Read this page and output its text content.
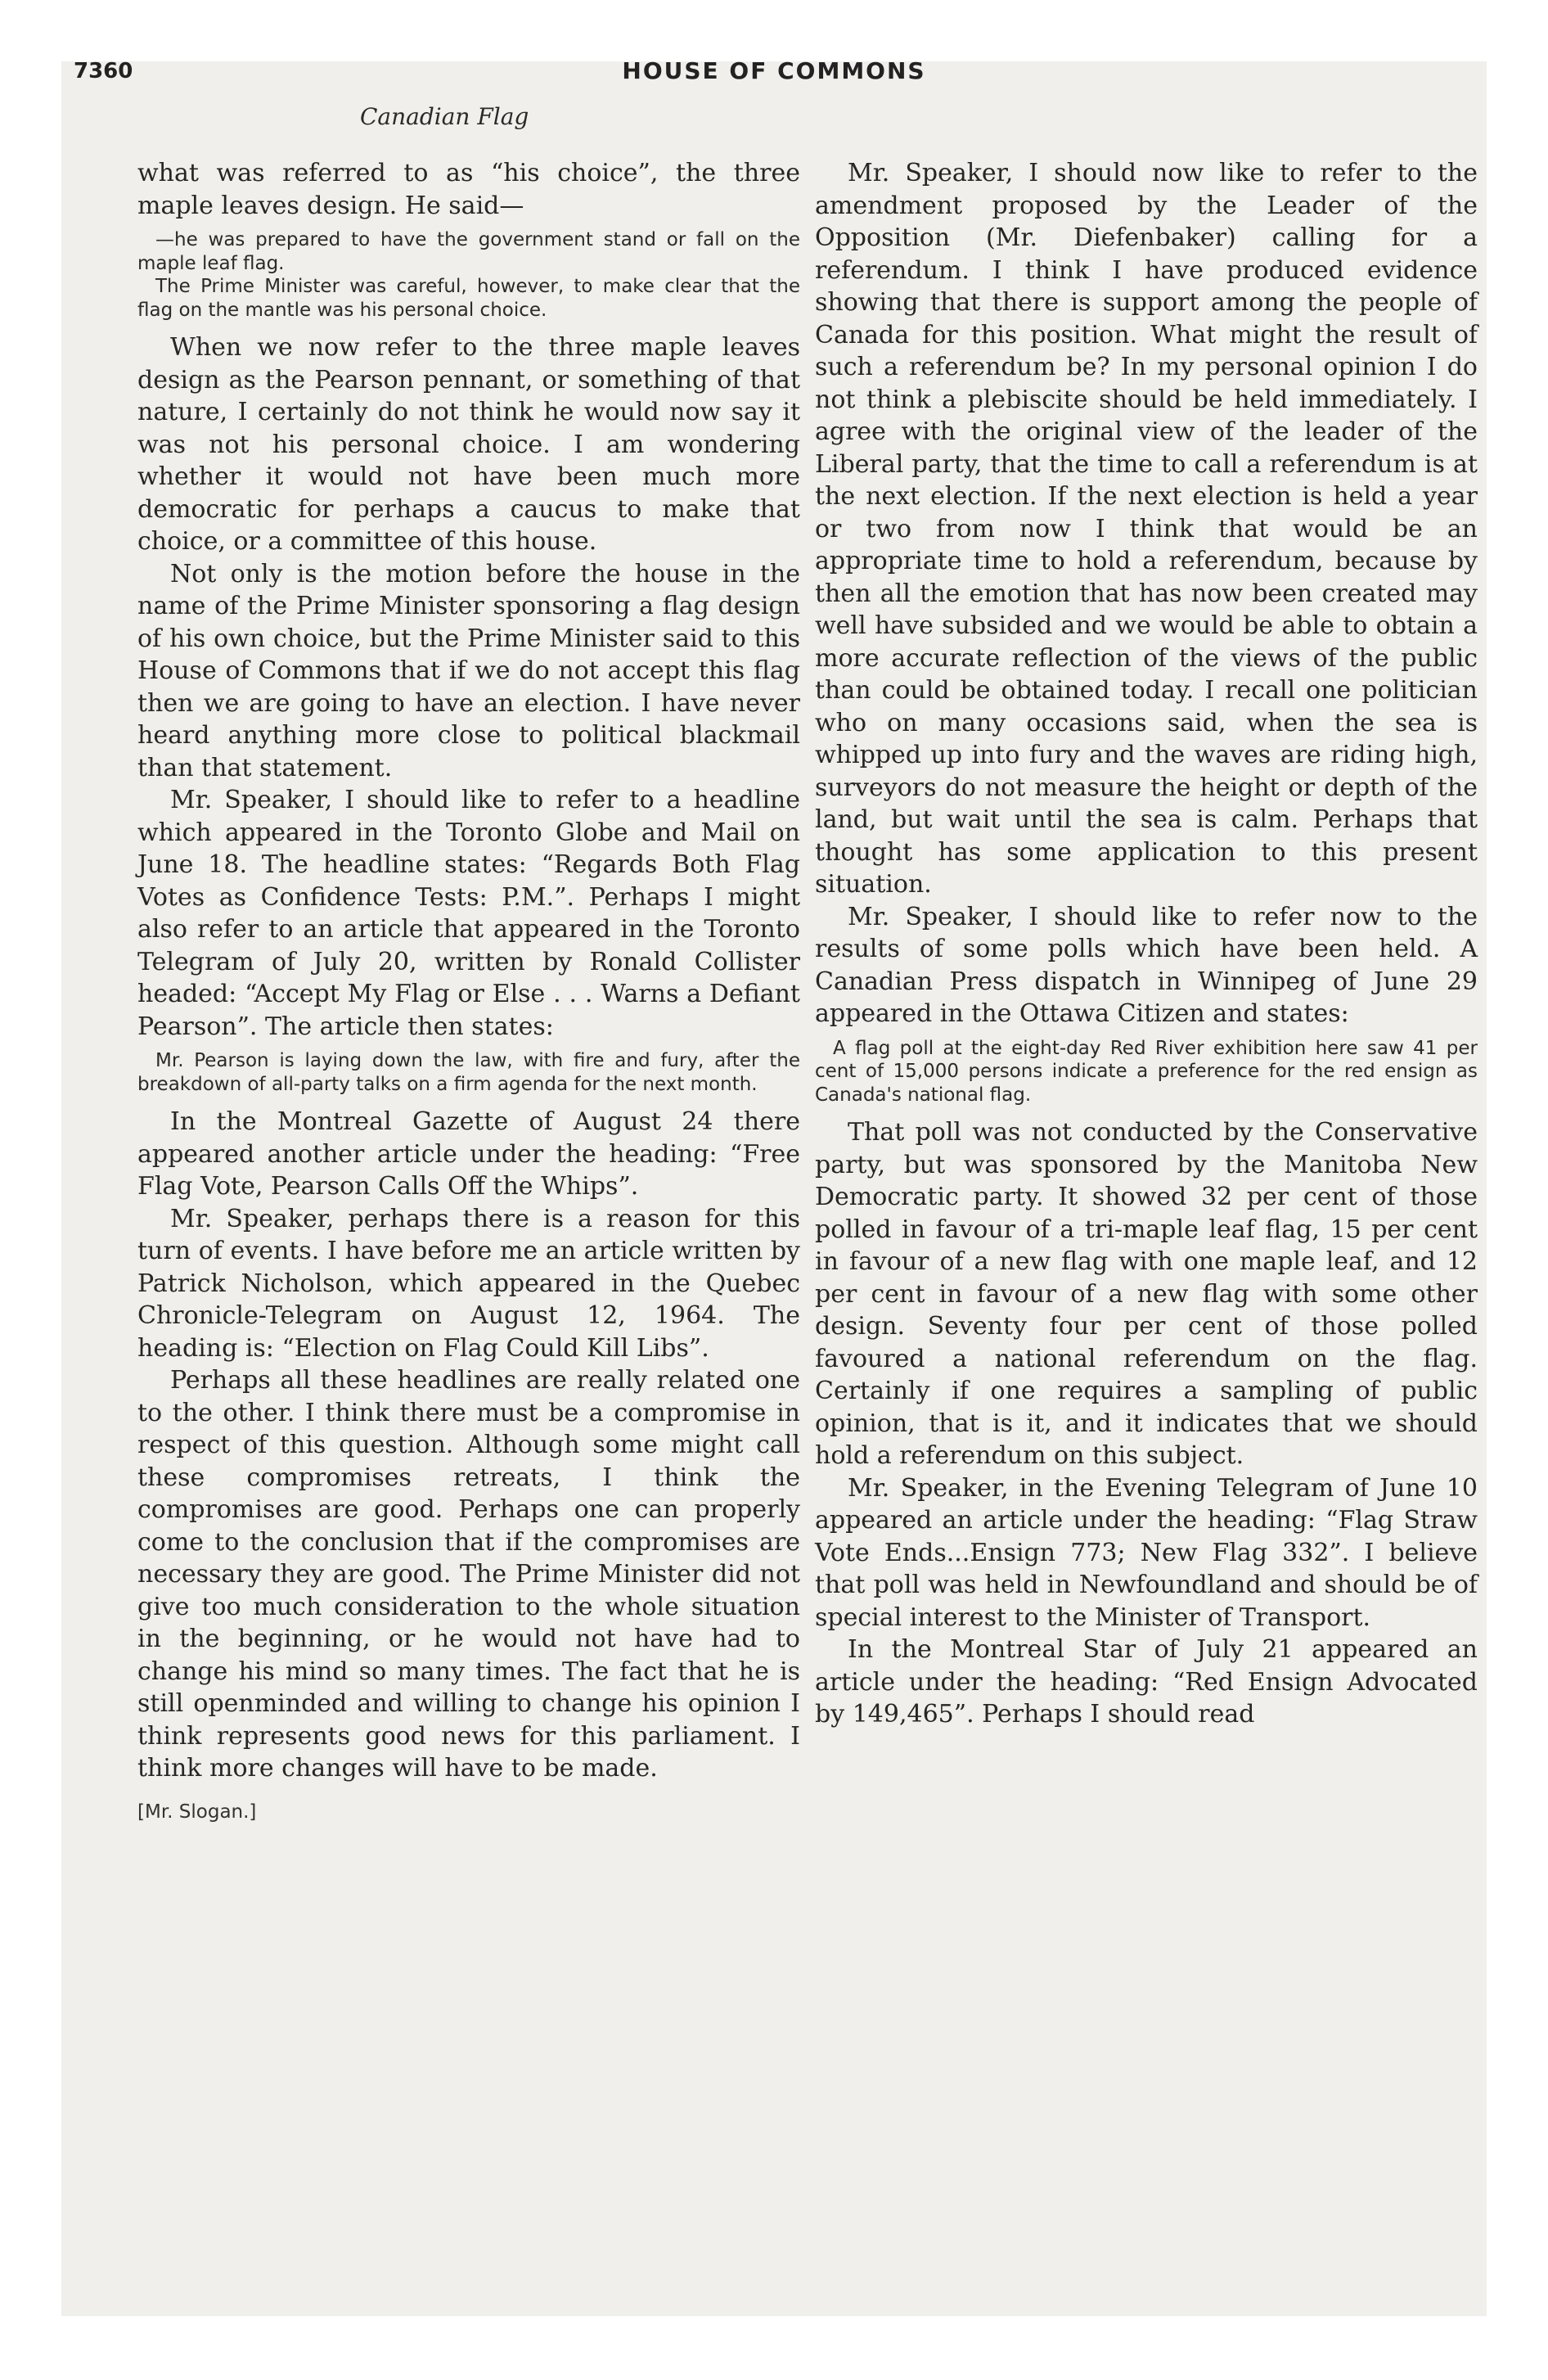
7360	HOUSE OF COMMONS
Canadian Flag

what was referred to as “his choice”, the three maple leaves design. He said—

—he was prepared to have the government stand or fall on the maple leaf flag.
The Prime Minister was careful, however, to make clear that the flag on the mantle was his personal choice.

When we now refer to the three maple leaves design as the Pearson pennant, or something of that nature, I certainly do not think he would now say it was not his personal choice. I am wondering whether it would not have been much more democratic for perhaps a caucus to make that choice, or a committee of this house.

Not only is the motion before the house in the name of the Prime Minister sponsoring a flag design of his own choice, but the Prime Minister said to this House of Commons that if we do not accept this flag then we are going to have an election. I have never heard anything more close to political blackmail than that statement.

Mr. Speaker, I should like to refer to a headline which appeared in the Toronto Globe and Mail on June 18. The headline states: “Regards Both Flag Votes as Confidence Tests: P.M.”. Perhaps I might also refer to an article that appeared in the Toronto Telegram of July 20, written by Ronald Collister headed: “Accept My Flag or Else . . . Warns a Defiant Pearson”. The article then states:

Mr. Pearson is laying down the law, with fire and fury, after the breakdown of all-party talks on a firm agenda for the next month.

In the Montreal Gazette of August 24 there appeared another article under the heading: “Free Flag Vote, Pearson Calls Off the Whips”.

Mr. Speaker, perhaps there is a reason for this turn of events. I have before me an article written by Patrick Nicholson, which appeared in the Quebec Chronicle-Telegram on August 12, 1964. The heading is: “Election on Flag Could Kill Libs”.

Perhaps all these headlines are really related one to the other. I think there must be a compromise in respect of this question. Although some might call these compromises retreats, I think the compromises are good. Perhaps one can properly come to the conclusion that if the compromises are necessary they are good. The Prime Minister did not give too much consideration to the whole situation in the beginning, or he would not have had to change his mind so many times. The fact that he is still openminded and willing to change his opinion I think represents good news for this parliament. I think more changes will have to be made.

[Mr. Slogan.]

Mr. Speaker, I should now like to refer to the amendment proposed by the Leader of the Opposition (Mr. Diefenbaker) calling for a referendum. I think I have produced evidence showing that there is support among the people of Canada for this position. What might the result of such a referendum be? In my personal opinion I do not think a plebiscite should be held immediately. I agree with the original view of the leader of the Liberal party, that the time to call a referendum is at the next election. If the next election is held a year or two from now I think that would be an appropriate time to hold a referendum, because by then all the emotion that has now been created may well have subsided and we would be able to obtain a more accurate reflection of the views of the public than could be obtained today. I recall one politician who on many occasions said, when the sea is whipped up into fury and the waves are riding high, surveyors do not measure the height or depth of the land, but wait until the sea is calm. Perhaps that thought has some application to this present situation.

Mr. Speaker, I should like to refer now to the results of some polls which have been held. A Canadian Press dispatch in Winnipeg of June 29 appeared in the Ottawa Citizen and states:

A flag poll at the eight-day Red River exhibition here saw 41 per cent of 15,000 persons indicate a preference for the red ensign as Canada's national flag.

That poll was not conducted by the Conservative party, but was sponsored by the Manitoba New Democratic party. It showed 32 per cent of those polled in favour of a tri-maple leaf flag, 15 per cent in favour of a new flag with one maple leaf, and 12 per cent in favour of a new flag with some other design. Seventy four per cent of those polled favoured a national referendum on the flag. Certainly if one requires a sampling of public opinion, that is it, and it indicates that we should hold a referendum on this subject.

Mr. Speaker, in the Evening Telegram of June 10 appeared an article under the heading: “Flag Straw Vote Ends...Ensign 773; New Flag 332”. I believe that poll was held in Newfoundland and should be of special interest to the Minister of Transport.

In the Montreal Star of July 21 appeared an article under the heading: “Red Ensign Advocated by 149,465”. Perhaps I should read
